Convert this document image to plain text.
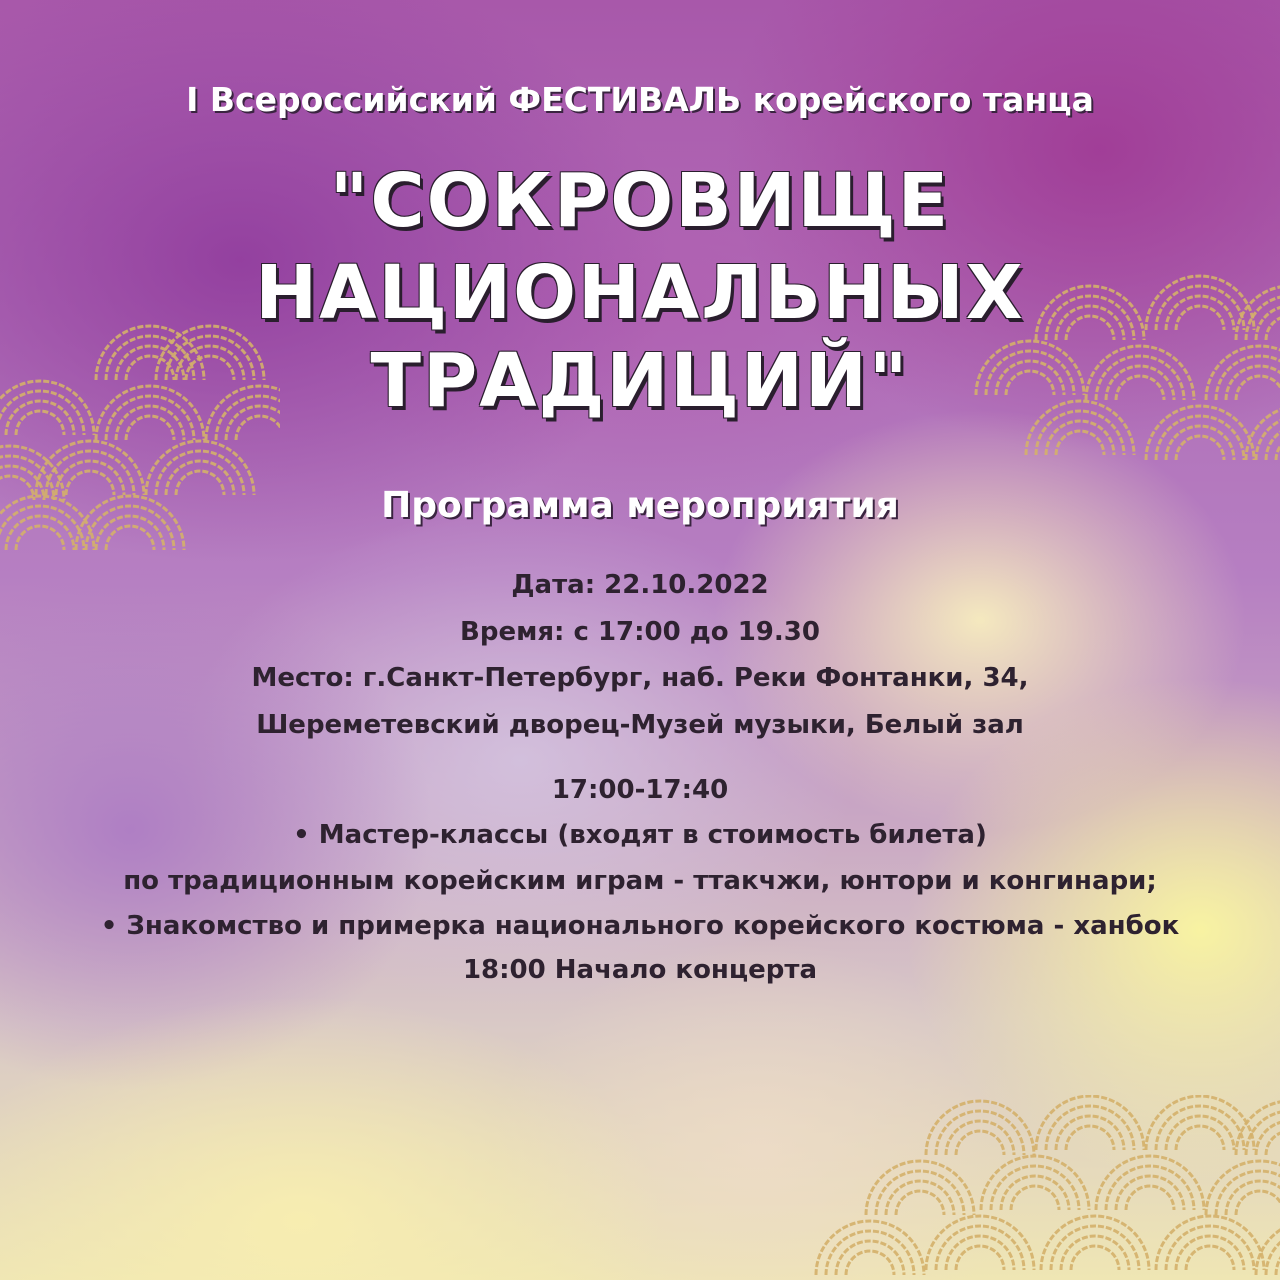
I Всероссийский ФЕСТИВАЛЬ корейского танца

"СОКРОВИЩЕ

НАЦИОНАЛЬНЫХ

ТРАДИЦИЙ"

Программа мероприятия

Дата: 22.10.2022

Время: с 17:00 до 19.30

Место: г.Санкт-Петербург, наб. Реки Фонтанки, 34,

Шереметевский дворец-Музей музыки, Белый зал

17:00-17:40

• Мастер-классы (входят в стоимость билета)

по традиционным корейским играм - ттакчжи, юнтори и конгинари;

• Знакомство и примерка национального корейского костюма - ханбок

18:00 Начало концерта
